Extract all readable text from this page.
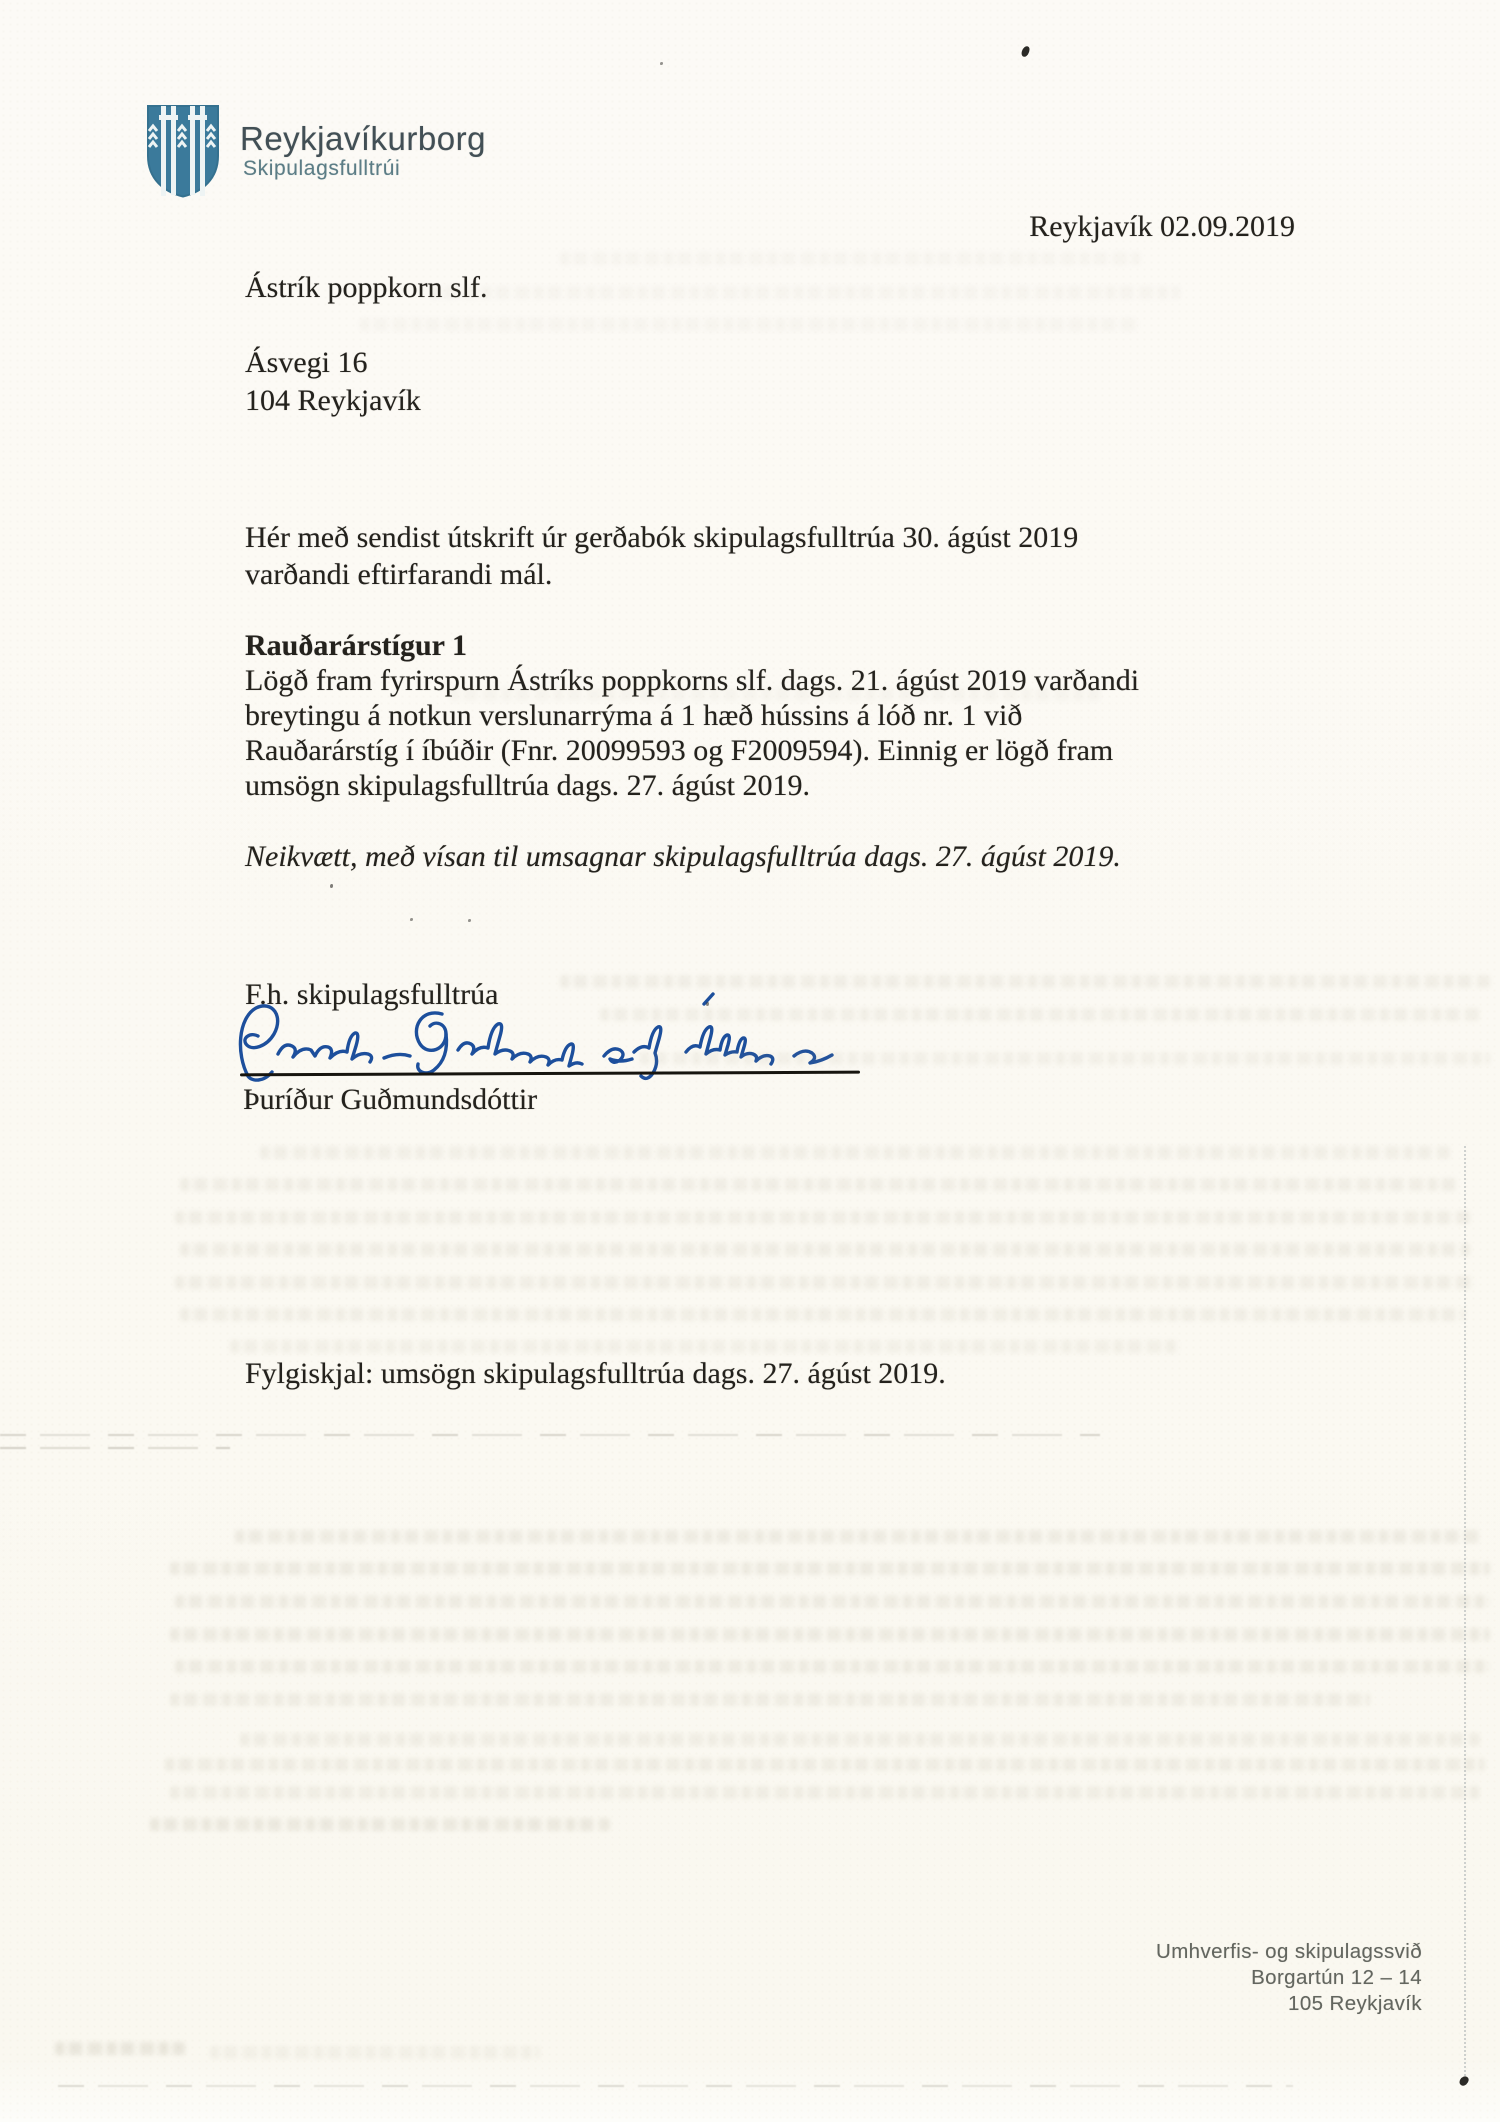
Reykjavíkurborg
Skipulagsfulltrúi
Reykjavík 02.09.2019
Ástrík poppkorn slf.
Ásvegi 16
104 Reykjavík
Hér með sendist útskrift úr gerðabók skipulagsfulltrúa 30. ágúst 2019  varðandi eftirfarandi mál.
Rauðarárstígur 1
Lögð fram fyrirspurn Ástríks poppkorns slf. dags. 21. ágúst 2019 varðandi breytingu á notkun verslunarrýma á 1 hæð hússins á lóð nr. 1 við Rauðarárstíg í íbúðir (Fnr. 20099593 og F2009594). Einnig er lögð fram umsögn skipulagsfulltrúa dags. 27. ágúst 2019.
Neikvætt, með vísan til umsagnar skipulagsfulltrúa dags. 27. ágúst 2019.
F.h. skipulagsfulltrúa
Þuríður Guðmundsdóttir
Fylgiskjal: umsögn skipulagsfulltrúa dags. 27. ágúst 2019.
Umhverfis- og skipulagssvið
Borgartún 12 – 14
105 Reykjavík
